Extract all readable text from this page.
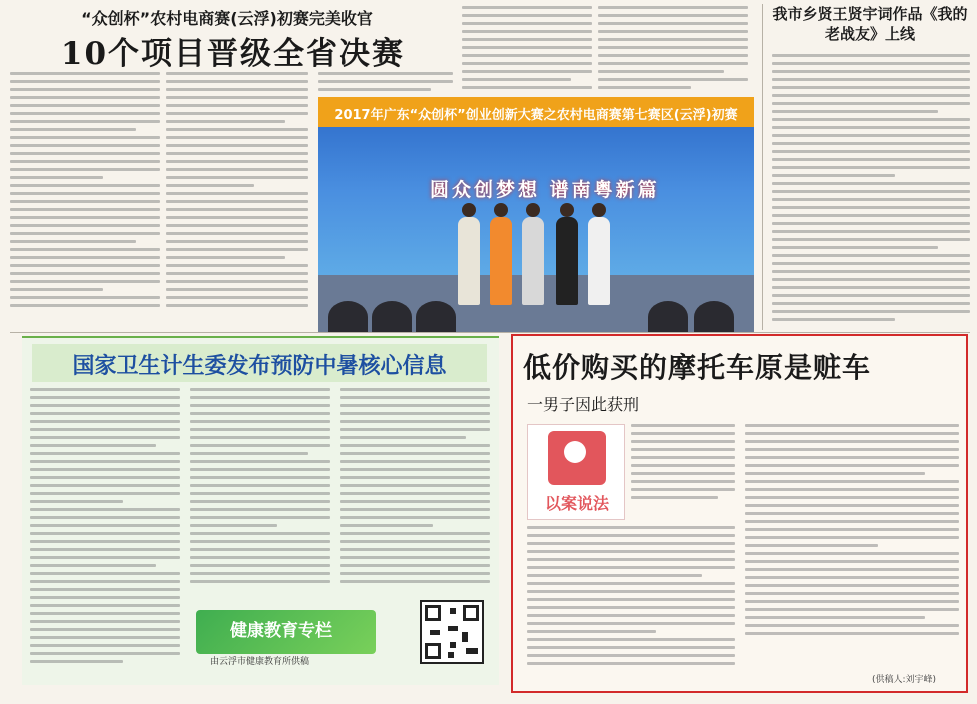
“众创杯”农村电商赛(云浮)初赛完美收官
10个项目晋级全省决赛
2017年广东“众创杯”创业创新大赛之农村电商赛第七赛区(云浮)初赛
圆众创梦想 谱南粤新篇
我市乡贤王贤宇词作品《我的老战友》上线
国家卫生计生委发布预防中暑核心信息
健康教育专栏
由云浮市健康教育所供稿
低价购买的摩托车原是赃车
一男子因此获刑
以案说法
(供稿人:刘宇峰)
